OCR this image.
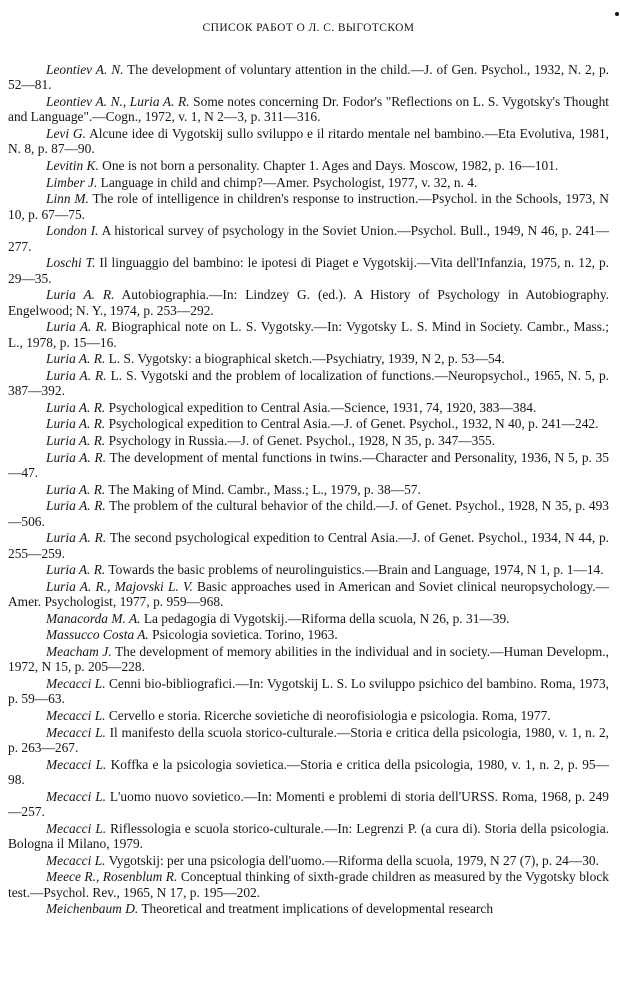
СПИСОК РАБОТ О Л. С. ВЫГОТСКОМ

Leontiev A. N. The development of voluntary attention in the child.—J. of Gen. Psychol., 1932, N. 2, p. 52—81.

Leontiev A. N., Luria A. R. Some notes concerning Dr. Fodor's "Reflections on L. S. Vygotsky's Thought and Language".—Cogn., 1972, v. 1, N 2—3, p. 311—316.

Levi G. Alcune idee di Vygotskij sullo sviluppo e il ritardo mentale nel bambino.—Eta Evolutiva, 1981, N. 8, p. 87—90.

Levitin K. One is not born a personality. Chapter 1. Ages and Days. Moscow, 1982, p. 16—101.

Limber J. Language in child and chimp?—Amer. Psychologist, 1977, v. 32, n. 4.

Linn M. The role of intelligence in children's response to instruction.—Psychol. in the Schools, 1973, N 10, p. 67—75.

London I. A historical survey of psychology in the Soviet Union.—Psychol. Bull., 1949, N 46, p. 241—277.

Loschi T. Il linguaggio del bambino: le ipotesi di Piaget e Vygotskij.—Vita dell'Infanzia, 1975, n. 12, p. 29—35.

Luria A. R. Autobiographia.—In: Lindzey G. (ed.). A History of Psychology in Autobiography. Engelwood; N. Y., 1974, p. 253—292.

Luria A. R. Biographical note on L. S. Vygotsky.—In: Vygotsky L. S. Mind in Society. Cambr., Mass.; L., 1978, p. 15—16.

Luria A. R. L. S. Vygotsky: a biographical sketch.—Psychiatry, 1939, N 2, p. 53—54.

Luria A. R. L. S. Vygotski and the problem of localization of functions.—Neuropsychol., 1965, N. 5, p. 387—392.

Luria A. R. Psychological expedition to Central Asia.—Science, 1931, 74, 1920, 383—384.

Luria A. R. Psychological expedition to Central Asia.—J. of Genet. Psychol., 1932, N 40, p. 241—242.

Luria A. R. Psychology in Russia.—J. of Genet. Psychol., 1928, N 35, p. 347—355.

Luria A. R. The development of mental functions in twins.—Character and Personality, 1936, N 5, p. 35—47.

Luria A. R. The Making of Mind. Cambr., Mass.; L., 1979, p. 38—57.

Luria A. R. The problem of the cultural behavior of the child.—J. of Genet. Psychol., 1928, N 35, p. 493—506.

Luria A. R. The second psychological expedition to Central Asia.—J. of Genet. Psychol., 1934, N 44, p. 255—259.

Luria A. R. Towards the basic problems of neurolinguistics.—Brain and Language, 1974, N 1, p. 1—14.

Luria A. R., Majovski L. V. Basic approaches used in American and Soviet clinical neuropsychology.—Amer. Psychologist, 1977, p. 959—968.

Manacorda M. A. La pedagogia di Vygotskij.—Riforma della scuola, N 26, p. 31—39.

Massucco Costa A. Psicologia sovietica. Torino, 1963.

Meacham J. The development of memory abilities in the individual and in society.—Human Developm., 1972, N 15, p. 205—228.

Mecacci L. Cenni bio-bibliografici.—In: Vygotskij L. S. Lo sviluppo psichico del bambino. Roma, 1973, p. 59—63.

Mecacci L. Cervello e storia. Ricerche sovietiche di neorofisiologia e psicologia. Roma, 1977.

Mecacci L. Il manifesto della scuola storico-culturale.—Storia e critica della psicologia, 1980, v. 1, n. 2, p. 263—267.

Mecacci L. Koffka e la psicologia sovietica.—Storia e critica della psicologia, 1980, v. 1, n. 2, p. 95—98.

Mecacci L. L'uomo nuovo sovietico.—In: Momenti e problemi di storia dell'URSS. Roma, 1968, p. 249—257.

Mecacci L. Riflessologia e scuola storico-culturale.—In: Legrenzi P. (a cura di). Storia della psicologia. Bologna il Milano, 1979.

Mecacci L. Vygotskij: per una psicologia dell'uomo.—Riforma della scuola, 1979, N 27 (7), p. 24—30.

Meece R., Rosenblum R. Conceptual thinking of sixth-grade children as measured by the Vygotsky block test.—Psychol. Rev., 1965, N 17, p. 195—202.

Meichenbaum D. Theoretical and treatment implications of developmental research
